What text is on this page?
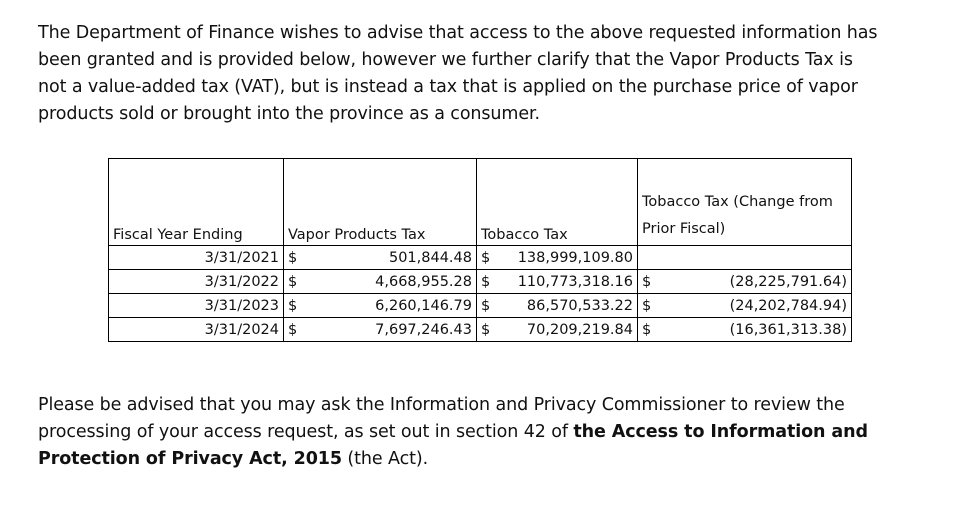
The Department of Finance wishes to advise that access to the above requested information has
been granted and is provided below, however we further clarify that the Vapor Products Tax is
not a value-added tax (VAT), but is instead a tax that is applied on the purchase price of vapor
products sold or brought into the province as a consumer.
Fiscal Year Ending	Vapor Products Tax	Tobacco Tax	Tobacco Tax (Change from Prior Fiscal)
3/31/2021	$ 501,844.48	$ 138,999,109.80	

3/31/2022	$ 4,668,955.28	$ 110,773,318.16	$ (28,225,791.64)

3/31/2023	$ 6,260,146.79	$ 86,570,533.22	$ (24,202,784.94)

3/31/2024	$ 7,697,246.43	$ 70,209,219.84	$ (16,361,313.38)
Please be advised that you may ask the Information and Privacy Commissioner to review the
processing of your access request, as set out in section 42 of the Access to Information and
Protection of Privacy Act, 2015 (the Act).
